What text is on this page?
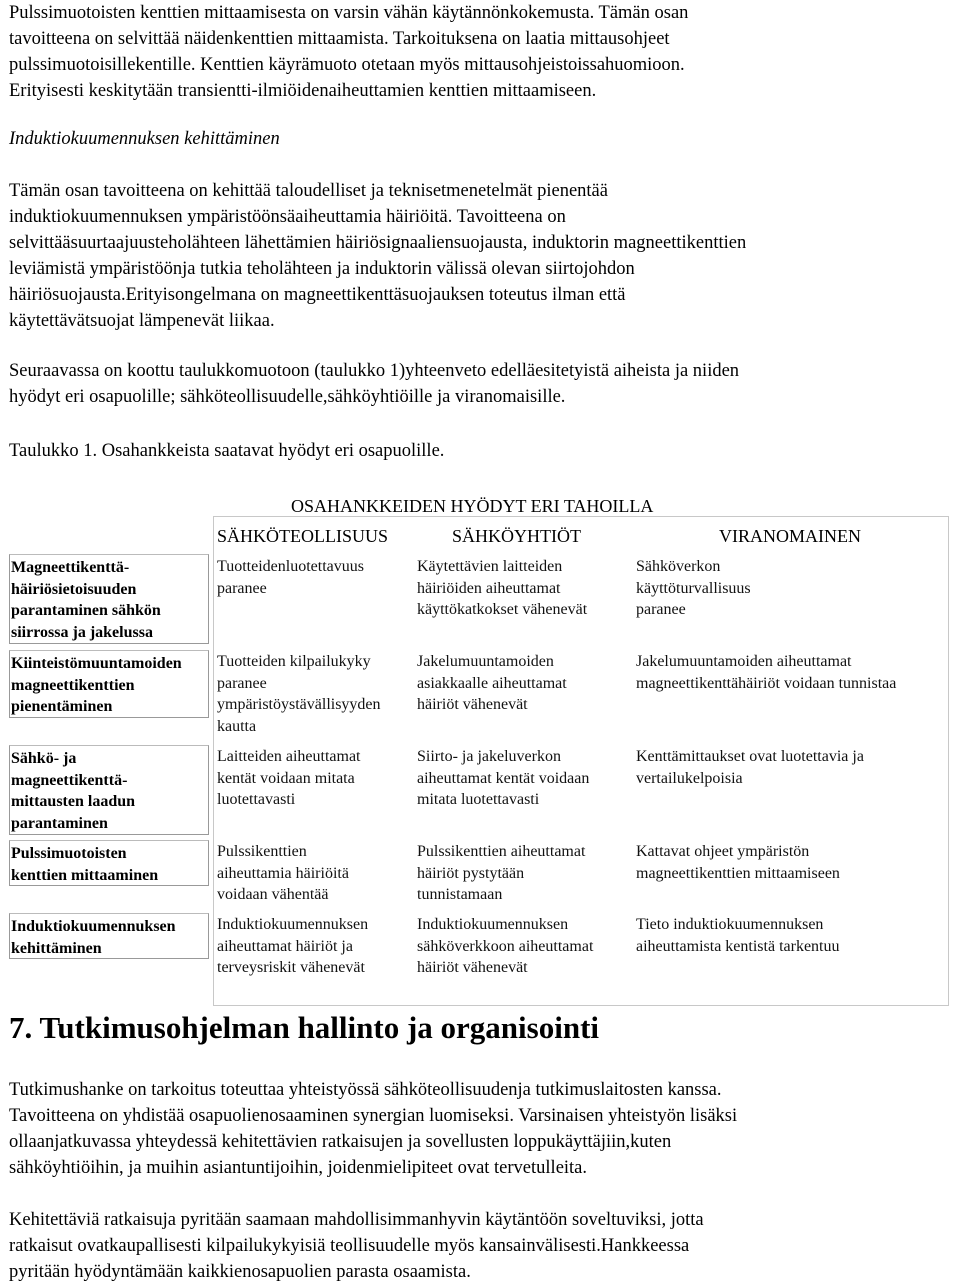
Pulssimuotoisten kenttien mittaamisesta on varsin vähän käytännönkokemusta. Tämän osan
tavoitteena on selvittää näidenkenttien mittaamista. Tarkoituksena on laatia mittausohjeet
pulssimuotoisillekentille. Kenttien käyrämuoto otetaan myös mittausohjeistoissahuomioon.
Erityisesti keskitytään transientti-ilmiöidenaiheuttamien kenttien mittaamiseen.
Induktiokuumennuksen kehittäminen
Tämän osan tavoitteena on kehittää taloudelliset ja teknisetmenetelmät pienentää
induktiokuumennuksen ympäristöönsäaiheuttamia häiriöitä. Tavoitteena on
selvittääsuurtaajuusteholähteen lähettämien häiriösignaaliensuojausta, induktorin magneettikenttien
leviämistä ympäristöönja tutkia teholähteen ja induktorin välissä olevan siirtojohdon
häiriösuojausta.Erityisongelmana on magneettikenttäsuojauksen toteutus ilman että
käytettävätsuojat lämpenevät liikaa.
Seuraavassa on koottu taulukkomuotoon (taulukko 1)yhteenveto edelläesitetyistä aiheista ja niiden
hyödyt eri osapuolille; sähköteollisuudelle,sähköyhtiöille ja viranomaisille.
Taulukko 1. Osahankkeista saatavat hyödyt eri osapuolille.
OSAHANKKEIDEN HYÖDYT ERI TAHOILLA
SÄHKÖTEOLLISUUS	SÄHKÖYHTIÖT	VIRANOMAINEN
Magneettikenttä-
häiriösietoisuuden
parantaminen sähkön
siirrossa ja jakelussa
Tuotteidenluotettavuus
paranee
Käytettävien laitteiden
häiriöiden aiheuttamat
käyttökatkokset vähenevät
Sähköverkon
käyttöturvallisuus
paranee
Kiinteistömuuntamoiden
magneettikenttien
pienentäminen
Tuotteiden kilpailukyky
paranee
ympäristöystävällisyyden
kautta
Jakelumuuntamoiden
asiakkaalle aiheuttamat
häiriöt vähenevät
Jakelumuuntamoiden aiheuttamat
magneettikenttähäiriöt voidaan tunnistaa
Sähkö- ja
magneettikenttä-
mittausten laadun
parantaminen
Laitteiden aiheuttamat
kentät voidaan mitata
luotettavasti
Siirto- ja jakeluverkon
aiheuttamat kentät voidaan
mitata luotettavasti
Kenttämittaukset ovat luotettavia ja
vertailukelpoisia
Pulssimuotoisten
kenttien mittaaminen
Pulssikenttien
aiheuttamia häiriöitä
voidaan vähentää
Pulssikenttien aiheuttamat
häiriöt pystytään
tunnistamaan
Kattavat ohjeet ympäristön
magneettikenttien mittaamiseen
Induktiokuumennuksen
kehittäminen
Induktiokuumennuksen
aiheuttamat häiriöt ja
terveysriskit vähenevät
Induktiokuumennuksen
sähköverkkoon aiheuttamat
häiriöt vähenevät
Tieto induktiokuumennuksen
aiheuttamista kentistä tarkentuu
7. Tutkimusohjelman hallinto ja organisointi
Tutkimushanke on tarkoitus toteuttaa yhteistyössä sähköteollisuudenja tutkimuslaitosten kanssa.
Tavoitteena on yhdistää osapuolienosaaminen synergian luomiseksi. Varsinaisen yhteistyön lisäksi
ollaanjatkuvassa yhteydessä kehitettävien ratkaisujen ja sovellusten loppukäyttäjiin,kuten
sähköyhtiöihin, ja muihin asiantuntijoihin, joidenmielipiteet ovat tervetulleita.
Kehitettäviä ratkaisuja pyritään saamaan mahdollisimmanhyvin käytäntöön soveltuviksi, jotta
ratkaisut ovatkaupallisesti kilpailukykyisiä teollisuudelle myös kansainvälisesti.Hankkeessa
pyritään hyödyntämään kaikkienosapuolien parasta osaamista.
